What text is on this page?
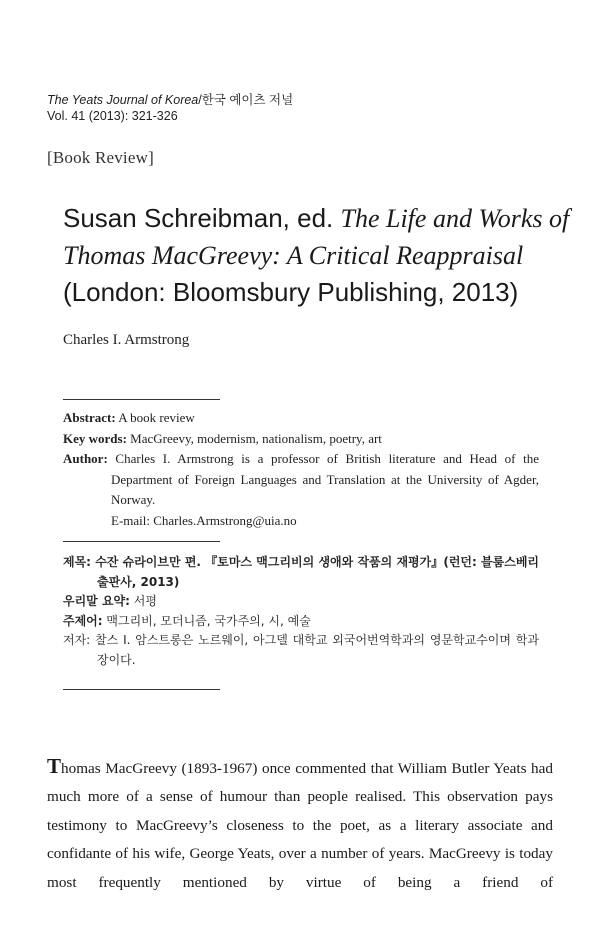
The Yeats Journal of Korea/한국 예이츠 저널
Vol. 41 (2013): 321-326
[Book Review]
Susan Schreibman, ed. The Life and Works of Thomas MacGreevy: A Critical Reappraisal (London: Bloomsbury Publishing, 2013)
Charles I. Armstrong
Abstract: A book review
Key words: MacGreevy, modernism, nationalism, poetry, art
Author: Charles I. Armstrong is a professor of British literature and Head of the Department of Foreign Languages and Translation at the University of Agder, Norway.
E-mail: Charles.Armstrong@uia.no
제목: 수잔 슈라이브만 편. 『토마스 맥그리비의 생애와 작품의 재평가』(런던: 블룸스베리 출판사, 2013)
우리말 요약: 서평
주제어: 맥그리비, 모더니즘, 국가주의, 시, 예술
저자: 찰스 I. 암스트롱은 노르웨이, 아그델 대학교 외국어번역학과의 영문학교수이며 학과장이다.
Thomas MacGreevy (1893-1967) once commented that William Butler Yeats had much more of a sense of humour than people realised. This observation pays testimony to MacGreevy’s closeness to the poet, as a literary associate and confidante of his wife, George Yeats, over a number of years. MacGreevy is today most frequently mentioned by virtue of being a friend of
